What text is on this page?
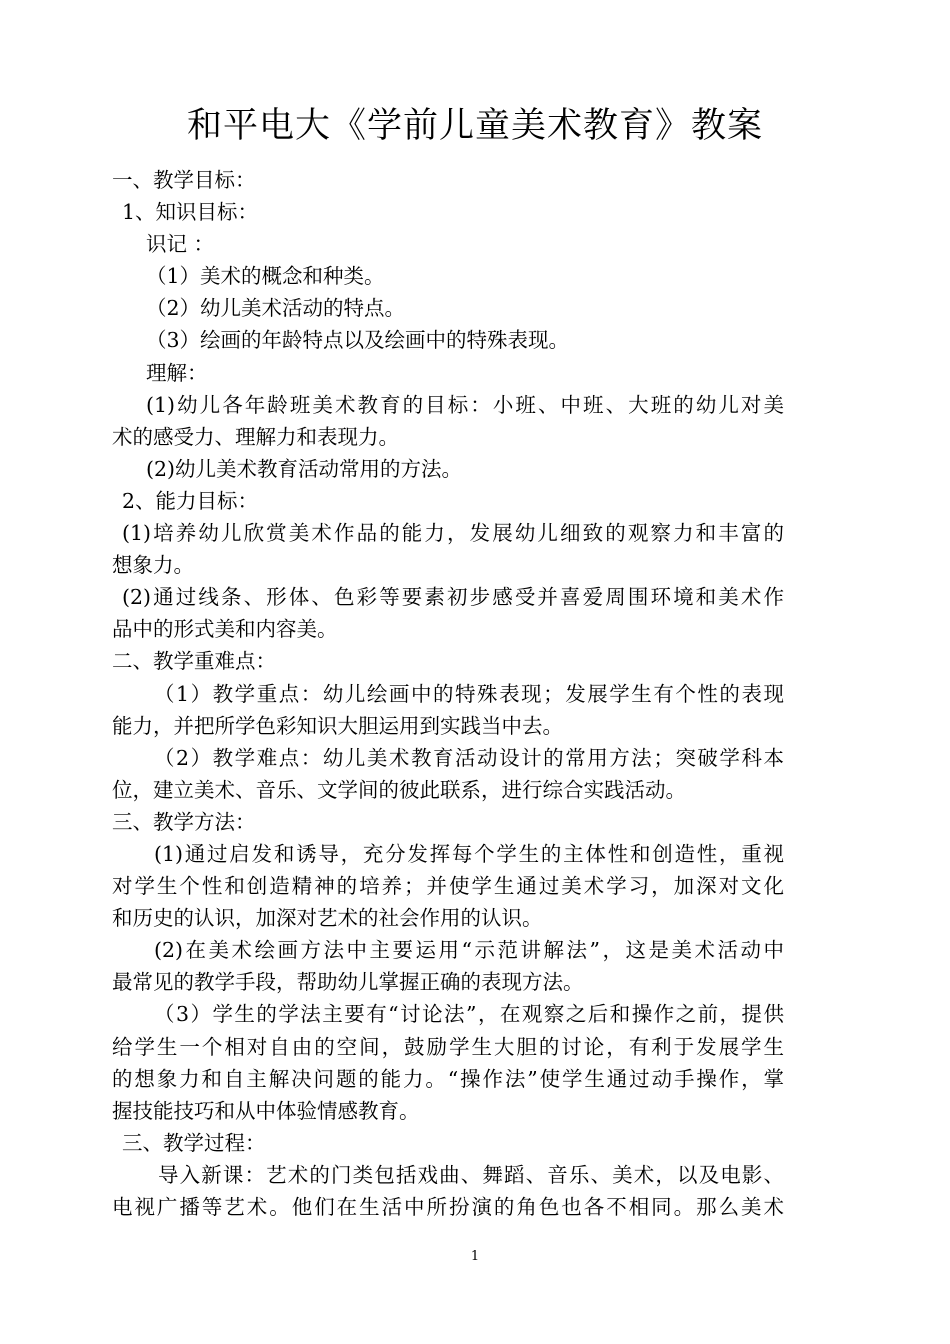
和平电大《学前儿童美术教育》教案
一、教学目标：
1、知识目标：
识记 ：
（1）美术的概念和种类。
（2）幼儿美术活动的特点。
（3）绘画的年龄特点以及绘画中的特殊表现。
理解：
(1)幼儿各年龄班美术教育的目标：小班、中班、大班的幼儿对美
术的感受力、理解力和表现力。
(2)幼儿美术教育活动常用的方法。
2、能力目标：
(1)培养幼儿欣赏美术作品的能力，发展幼儿细致的观察力和丰富的
想象力。
(2)通过线条、形体、色彩等要素初步感受并喜爱周围环境和美术作
品中的形式美和内容美。
二、教学重难点：
（1）教学重点：幼儿绘画中的特殊表现；发展学生有个性的表现
能力，并把所学色彩知识大胆运用到实践当中去。
（2）教学难点：幼儿美术教育活动设计的常用方法；突破学科本
位，建立美术、音乐、文学间的彼此联系，进行综合实践活动。
三、教学方法：
(1)通过启发和诱导，充分发挥每个学生的主体性和创造性，重视
对学生个性和创造精神的培养；并使学生通过美术学习，加深对文化
和历史的认识，加深对艺术的社会作用的认识。
(2)在美术绘画方法中主要运用“示范讲解法”，这是美术活动中
最常见的教学手段，帮助幼儿掌握正确的表现方法。
（3）学生的学法主要有“讨论法”，在观察之后和操作之前，提供
给学生一个相对自由的空间，鼓励学生大胆的讨论，有利于发展学生
的想象力和自主解决问题的能力。“操作法”使学生通过动手操作，掌
握技能技巧和从中体验情感教育。
三、教学过程：
导入新课：艺术的门类包括戏曲、舞蹈、音乐、美术，以及电影、
电视广播等艺术。他们在生活中所扮演的角色也各不相同。那么美术
1
